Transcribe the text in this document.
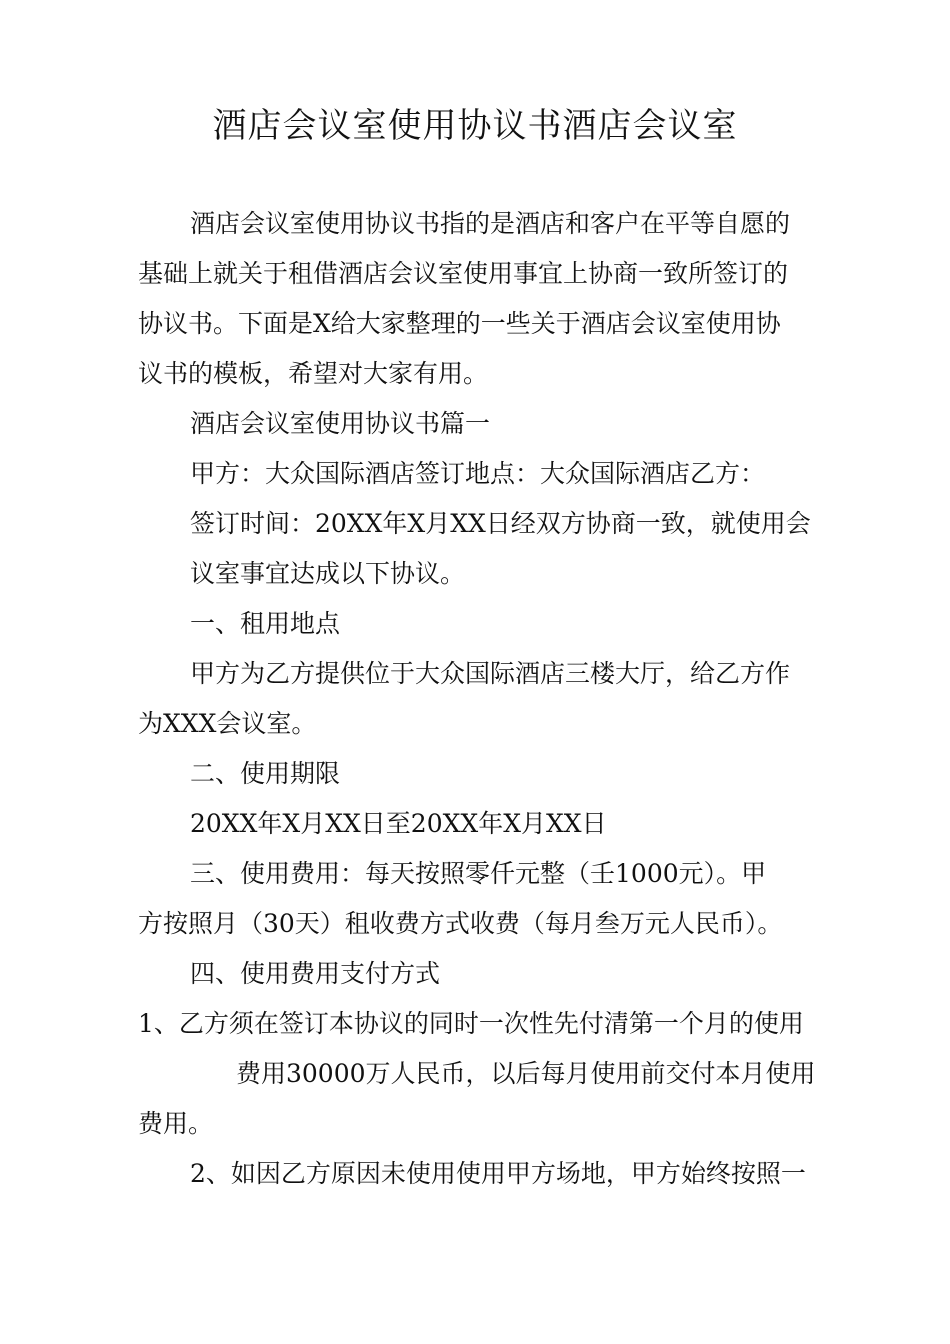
酒店会议室使用协议书酒店会议室

酒店会议室使用协议书指的是酒店和客户在平等自愿的

基础上就关于租借酒店会议室使用事宜上协商一致所签订的

协议书。下面是X给大家整理的一些关于酒店会议室使用协

议书的模板，希望对大家有用。

酒店会议室使用协议书篇一

甲方：大众国际酒店签订地点：大众国际酒店乙方：

签订时间：20XX年X月XX日经双方协商一致，就使用会

议室事宜达成以下协议。

一、租用地点

甲方为乙方提供位于大众国际酒店三楼大厅，给乙方作

为XXX会议室。

二、使用期限

20XX年X月XX日至20XX年X月XX日

三、使用费用：每天按照零仟元整（壬1000元）。甲

方按照月（30天）租收费方式收费（每月叁万元人民币）。

四、使用费用支付方式

1、乙方须在签订本协议的同时一次性先付清第一个月的使用

费用30000万人民币，以后每月使用前交付本月使用

费用。

2、如因乙方原因未使用使用甲方场地，甲方始终按照一
